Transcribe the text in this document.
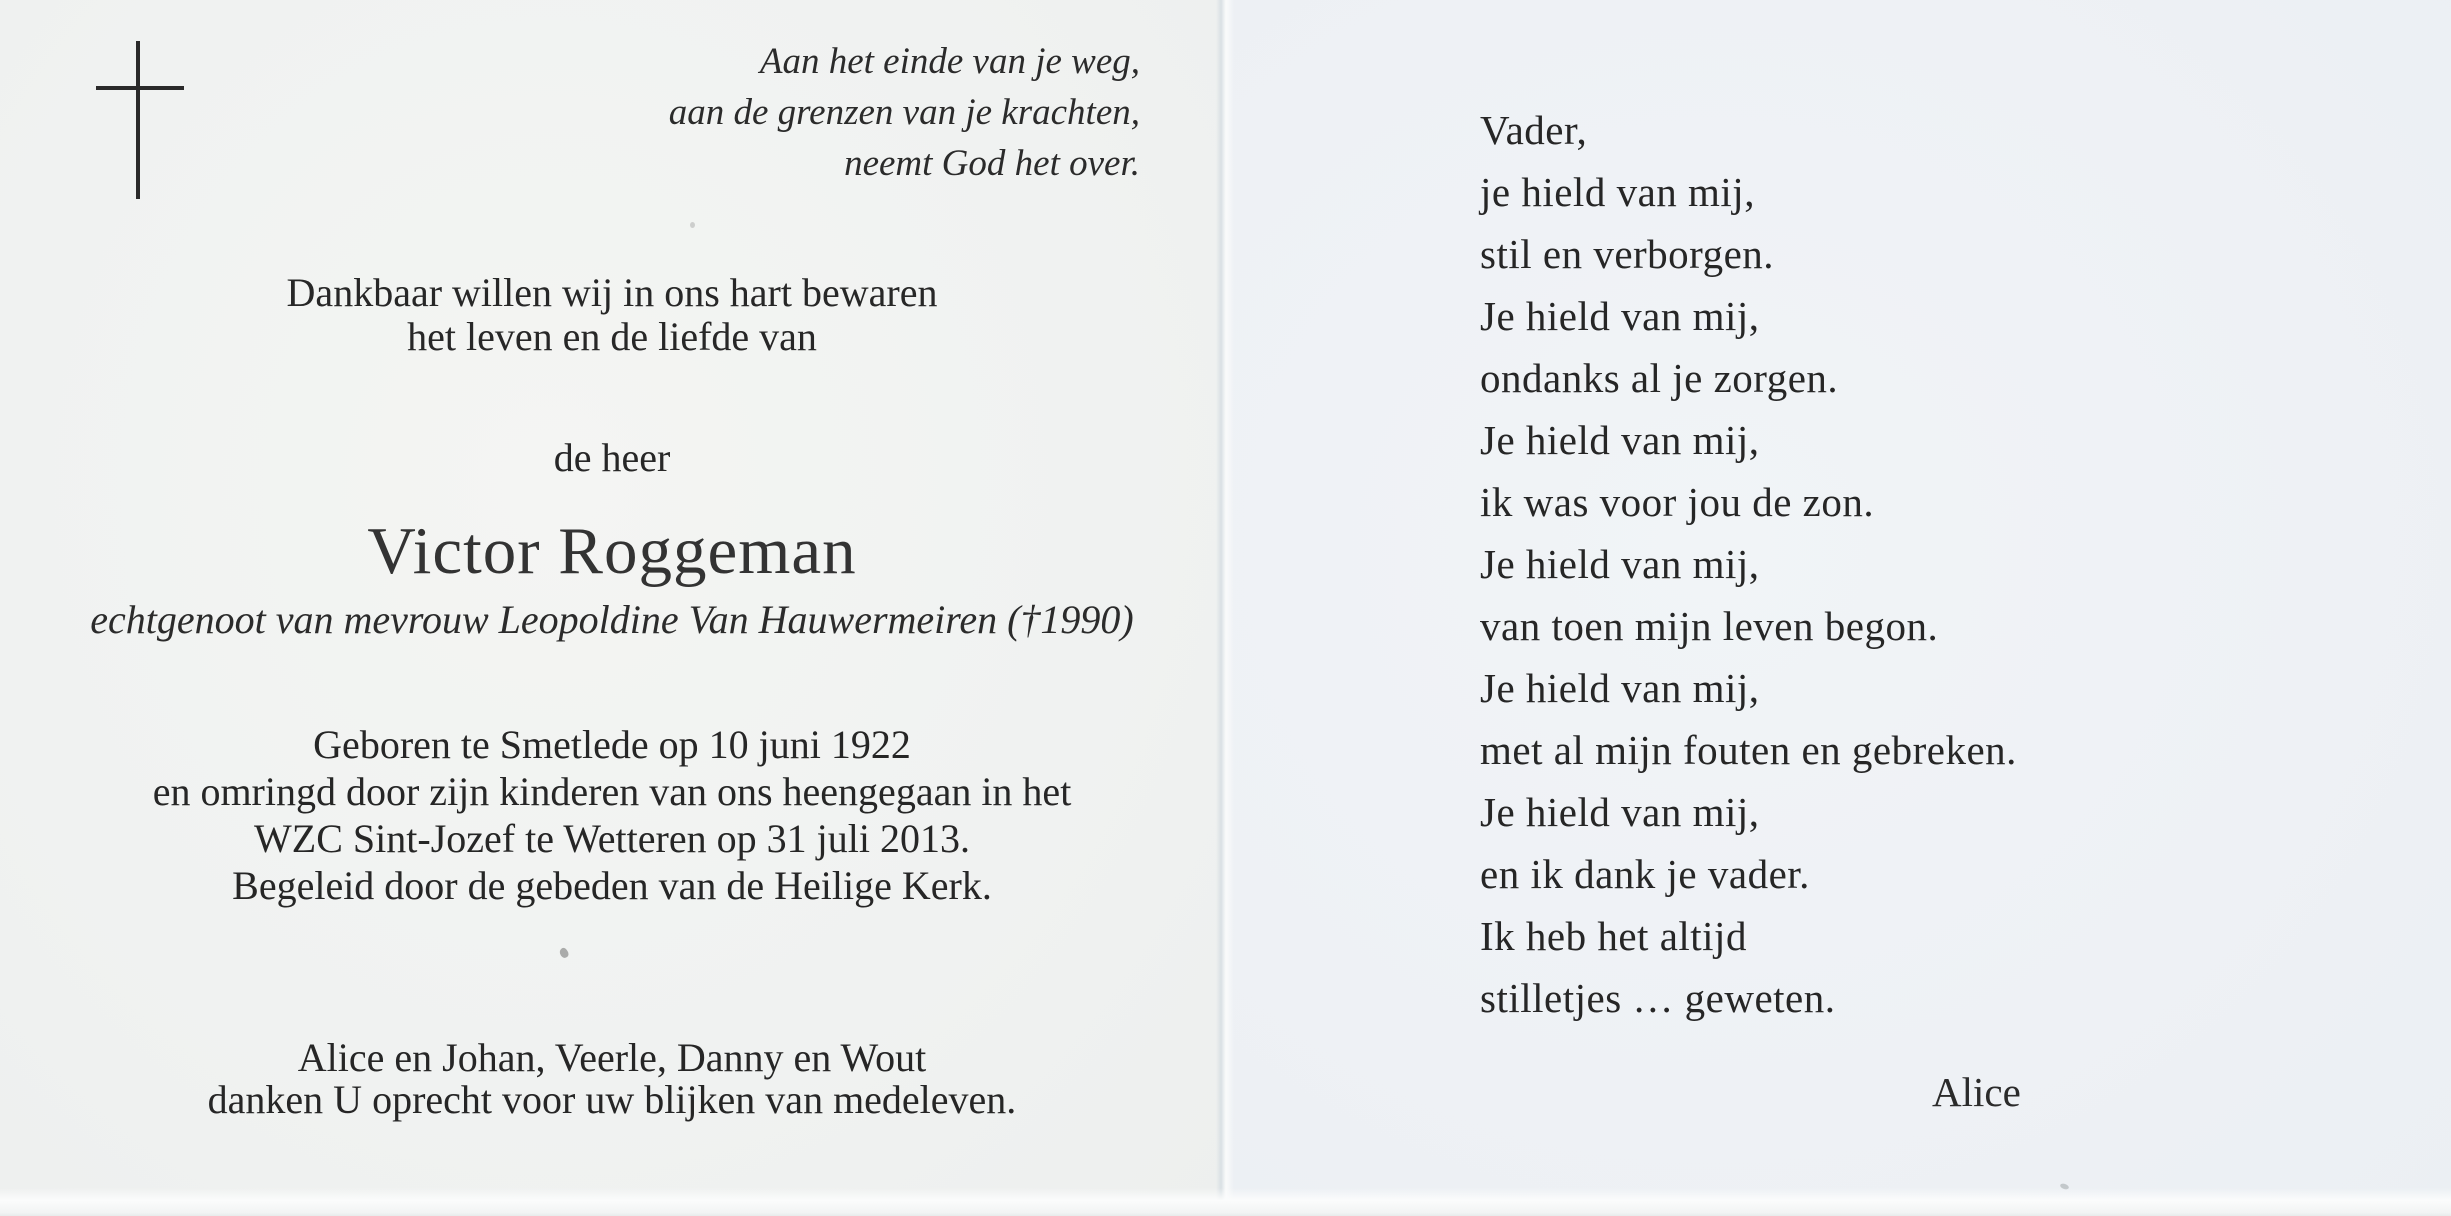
Aan het einde van je weg,
aan de grenzen van je krachten,
neemt God het over.
Dankbaar willen wij in ons hart bewaren
het leven en de liefde van
de heer
Victor Roggeman
echtgenoot van mevrouw Leopoldine Van Hauwermeiren (†1990)
Geboren te Smetlede op 10 juni 1922
en omringd door zijn kinderen van ons heengegaan in het
WZC Sint-Jozef te Wetteren op 31 juli 2013.
Begeleid door de gebeden van de Heilige Kerk.
Alice en Johan, Veerle, Danny en Wout
danken U oprecht voor uw blijken van medeleven.
Vader,
je hield van mij,
stil en verborgen.
Je hield van mij,
ondanks al je zorgen.
Je hield van mij,
ik was voor jou de zon.
Je hield van mij,
van toen mijn leven begon.
Je hield van mij,
met al mijn fouten en gebreken.
Je hield van mij,
en ik dank je vader.
Ik heb het altijd
stilletjes … geweten.
Alice
